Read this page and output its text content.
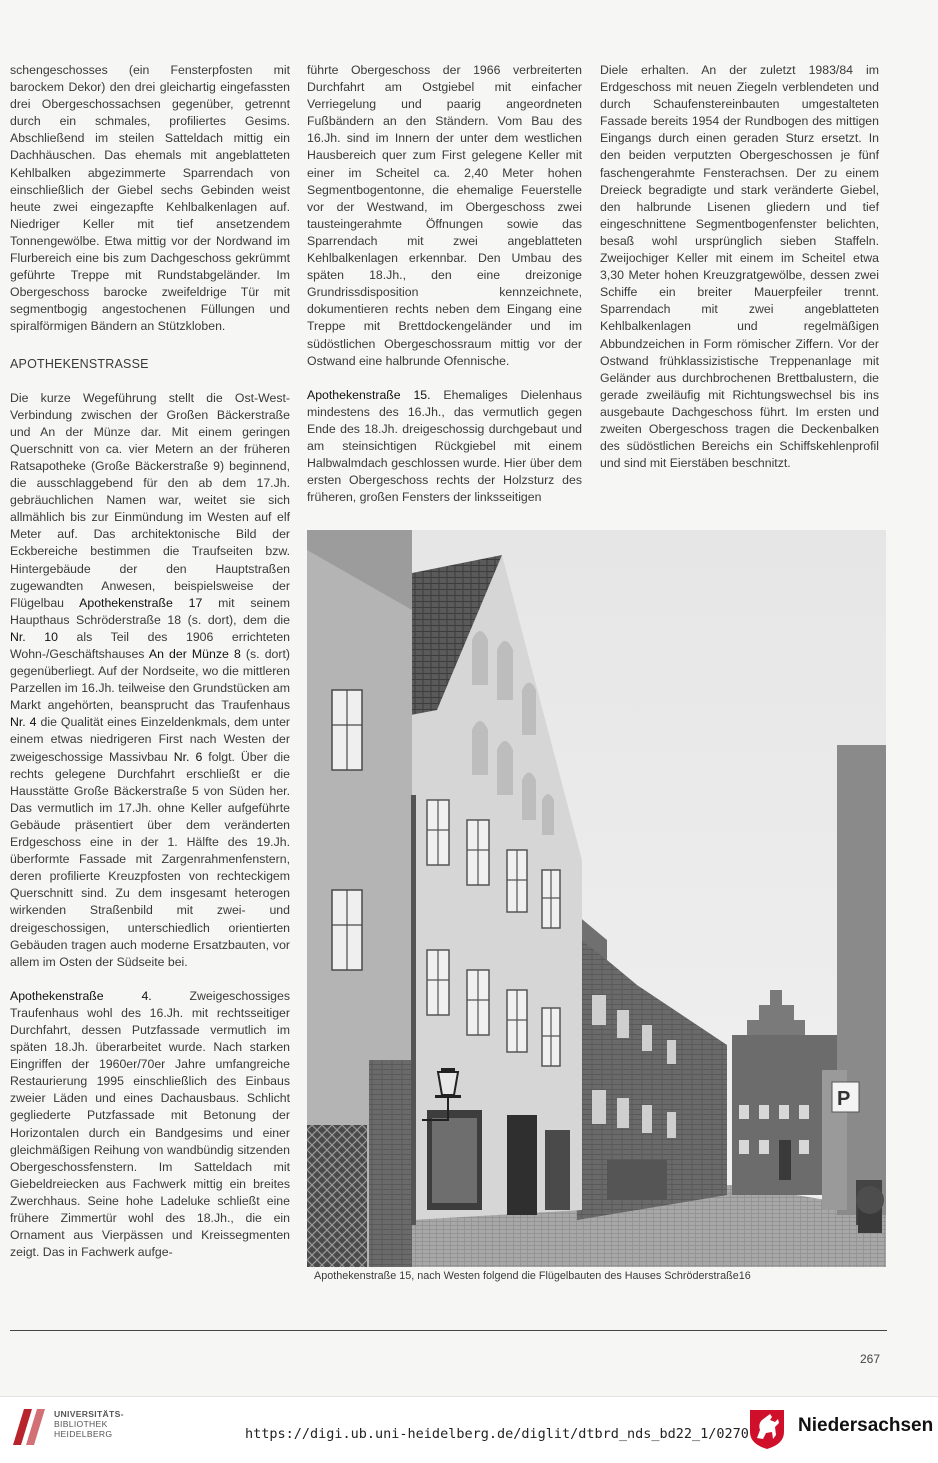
schengeschosses (ein Fensterpfosten mit barockem Dekor) den drei gleichartig eingefassten drei Obergeschossachsen gegenüber, getrennt durch ein schmales, profiliertes Gesims. Abschließend im steilen Satteldach mittig ein Dachhäuschen. Das ehemals mit angeblatteten Kehlbalken abgezimmerte Sparrendach von einschließlich der Giebel sechs Gebinden weist heute zwei eingezapfte Kehlbalkenlagen auf. Niedriger Keller mit tief ansetzendem Tonnengewölbe. Etwa mittig vor der Nordwand im Flurbereich eine bis zum Dachgeschoss gekrümmt geführte Treppe mit Rundstabgeländer. Im Obergeschoss barocke zweifeldrige Tür mit segmentbogig angestochenen Füllungen und spiralförmigen Bändern an Stützkloben.

APOTHEKENSTRASSE

Die kurze Wegeführung stellt die Ost-West-Verbindung zwischen der Großen Bäckerstraße und An der Münze dar. Mit einem geringen Querschnitt von ca. vier Metern an der früheren Ratsapotheke (Große Bäckerstraße 9) beginnend, die ausschlaggebend für den ab dem 17.Jh. gebräuchlichen Namen war, weitet sie sich allmählich bis zur Einmündung im Westen auf elf Meter auf. Das architektonische Bild der Eckbereiche bestimmen die Traufseiten bzw. Hintergebäude der den Hauptstraßen zugewandten Anwesen, beispielsweise der Flügelbau Apothekenstraße 17 mit seinem Haupthaus Schröderstraße 18 (s. dort), dem die Nr. 10 als Teil des 1906 errichteten Wohn-/Geschäftshauses An der Münze 8 (s. dort) gegenüberliegt. Auf der Nordseite, wo die mittleren Parzellen im 16.Jh. teilweise den Grundstücken am Markt angehörten, beansprucht das Traufenhaus Nr. 4 die Qualität eines Einzeldenkmals, dem unter einem etwas niedrigeren First nach Westen der zweigeschossige Massivbau Nr. 6 folgt. Über die rechts gelegene Durchfahrt erschließt er die Hausstätte Große Bäckerstraße 5 von Süden her. Das vermutlich im 17.Jh. ohne Keller aufgeführte Gebäude präsentiert über dem veränderten Erdgeschoss eine in der 1. Hälfte des 19.Jh. überformte Fassade mit Zargenrahmenfenstern, deren profilierte Kreuzpfosten von rechteckigem Querschnitt sind. Zu dem insgesamt heterogen wirkenden Straßenbild mit zwei- und dreigeschossigen, unterschiedlich orientierten Gebäuden tragen auch moderne Ersatzbauten, vor allem im Osten der Südseite bei.

Apothekenstraße 4. Zweigeschossiges Traufenhaus wohl des 16.Jh. mit rechtsseitiger Durchfahrt, dessen Putzfassade vermutlich im späten 18.Jh. überarbeitet wurde. Nach starken Eingriffen der 1960er/70er Jahre umfangreiche Restaurierung 1995 einschließlich des Einbaus zweier Läden und eines Dachausbaus. Schlicht gegliederte Putzfassade mit Betonung der Horizontalen durch ein Bandgesims und einer gleichmäßigen Reihung von wandbündig sitzenden Obergeschossfenstern. Im Satteldach mit Giebeldreiecken aus Fachwerk mittig ein breites Zwerchhaus. Seine hohe Ladeluke schließt eine frühere Zimmertür wohl des 18.Jh., die ein Ornament aus Vierpässen und Kreissegmenten zeigt. Das in Fachwerk aufge-

führte Obergeschoss der 1966 verbreiterten Durchfahrt am Ostgiebel mit einfacher Verriegelung und paarig angeordneten Fußbändern an den Ständern. Vom Bau des 16.Jh. sind im Innern der unter dem westlichen Hausbereich quer zum First gelegene Keller mit einer im Scheitel ca. 2,40 Meter hohen Segmentbogentonne, die ehemalige Feuerstelle vor der Westwand, im Obergeschoss zwei tausteingerahmte Öffnungen sowie das Sparrendach mit zwei angeblatteten Kehlbalkenlagen erkennbar. Den Umbau des späten 18.Jh., den eine dreizonige Grundrissdisposition kennzeichnete, dokumentieren rechts neben dem Eingang eine Treppe mit Brettdockengeländer und im südöstlichen Obergeschossraum mittig vor der Ostwand eine halbrunde Ofennische.

Apothekenstraße 15. Ehemaliges Dielenhaus mindestens des 16.Jh., das vermutlich gegen Ende des 18.Jh. dreigeschossig durchgebaut und am steinsichtigen Rückgiebel mit einem Halbwalmdach geschlossen wurde. Hier über dem ersten Obergeschoss rechts der Holzsturz des früheren, großen Fensters der linksseitigen

Diele erhalten. An der zuletzt 1983/84 im Erdgeschoss mit neuen Ziegeln verblendeten und durch Schaufenstereinbauten umgestalteten Fassade bereits 1954 der Rundbogen des mittigen Eingangs durch einen geraden Sturz ersetzt. In den beiden verputzten Obergeschossen je fünf faschengerahmte Fensterachsen. Der zu einem Dreieck begradigte und stark veränderte Giebel, den halbrunde Lisenen gliedern und tief eingeschnittene Segmentbogenfenster belichten, besaß wohl ursprünglich sieben Staffeln. Zweijochiger Keller mit einem im Scheitel etwa 3,30 Meter hohen Kreuzgratgewölbe, dessen zwei Schiffe ein breiter Mauerpfeiler trennt. Sparrendach mit zwei angeblatteten Kehlbalkenlagen und regelmäßigen Abbundzeichen in Form römischer Ziffern. Vor der Ostwand frühklassizistische Treppenanlage mit Geländer aus durchbrochenen Brettbalustern, die gerade zweiläufig mit Richtungswechsel bis ins ausgebaute Dachgeschoss führt. Im ersten und zweiten Obergeschoss tragen die Deckenbalken des südöstlichen Bereichs ein Schiffskehlenprofil und sind mit Eierstäben beschnitzt.

P
Apothekenstraße 15, nach Westen folgend die Flügelbauten des Hauses Schröderstraße16
267
UNIVERSITÄTS-
BIBLIOTHEK
HEIDELBERG	https://digi.ub.uni-heidelberg.de/diglit/dtbrd_nds_bd22_1/0270	Niedersachsen
